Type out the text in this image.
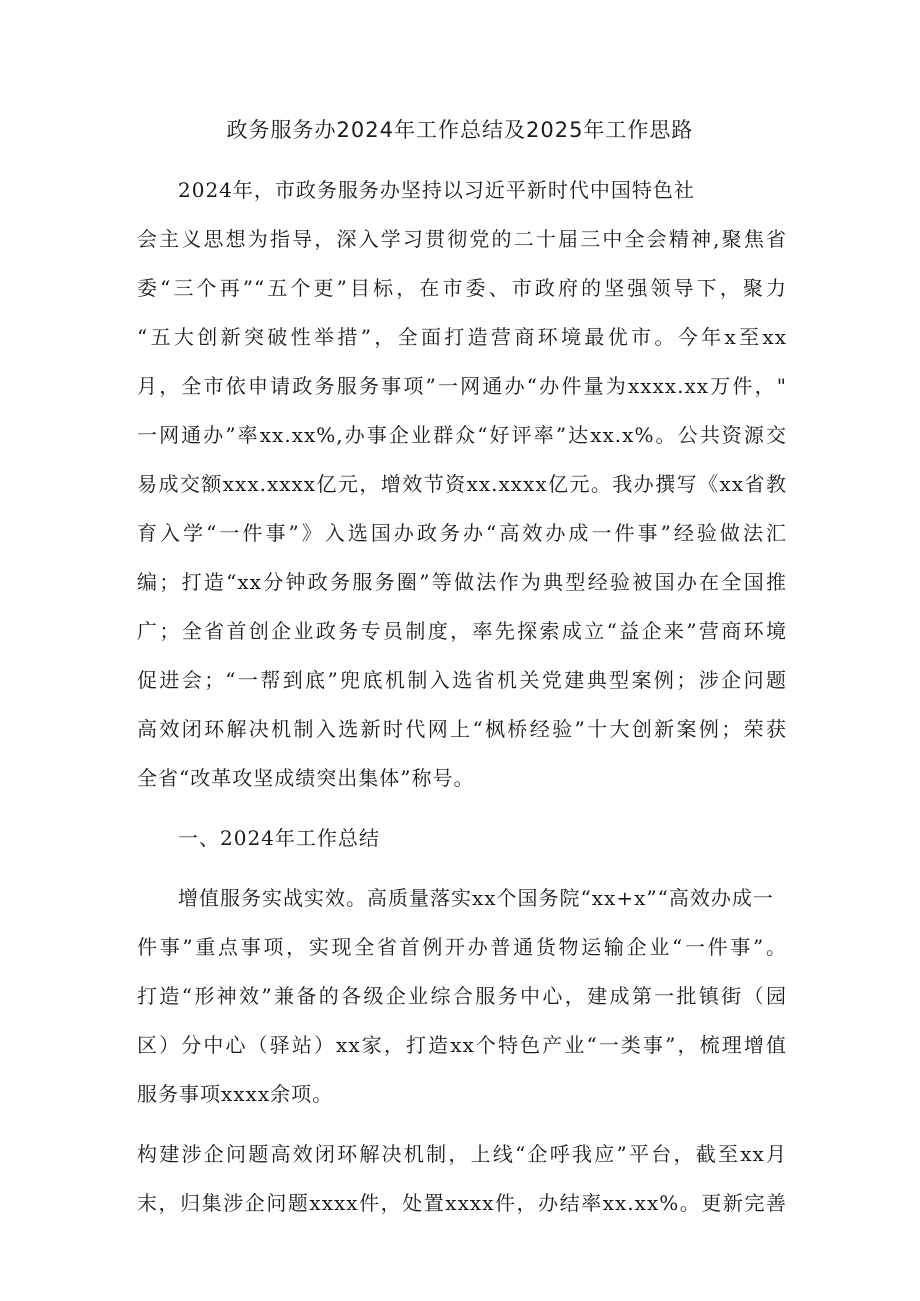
政务服务办2024年工作总结及2025年工作思路
2024年，市政务服务办坚持以习近平新时代中国特色社
会主义思想为指导，深入学习贯彻党的二十届三中全会精神,聚焦省
委“三个再”“五个更”目标，在市委、市政府的坚强领导下，聚力
“五大创新突破性举措”，全面打造营商环境最优市。今年x至xx
月，全市依申请政务服务事项”一网通办“办件量为xxxx.xx万件，"
一网通办”率xx.xx%,办事企业群众“好评率”达xx.x%。公共资源交
易成交额xxx.xxxx亿元，增效节资xx.xxxx亿元。我办撰写《xx省教
育入学“一件事”》入选国办政务办“高效办成一件事”经验做法汇
编；打造“xx分钟政务服务圈”等做法作为典型经验被国办在全国推
广；全省首创企业政务专员制度，率先探索成立“益企来”营商环境
促进会；“一帮到底”兜底机制入选省机关党建典型案例；涉企问题
高效闭环解决机制入选新时代网上“枫桥经验”十大创新案例；荣获
全省“改革攻坚成绩突出集体”称号。
一、2024年工作总结
增值服务实战实效。高质量落实xx个国务院“xx+x”“高效办成一
件事”重点事项，实现全省首例开办普通货物运输企业“一件事”。
打造“形神效”兼备的各级企业综合服务中心，建成第一批镇街（园
区）分中心（驿站）xx家，打造xx个特色产业“一类事”，梳理增值
服务事项xxxx余项。
构建涉企问题高效闭环解决机制，上线“企呼我应”平台，截至xx月
末，归集涉企问题xxxx件，处置xxxx件，办结率xx.xx%。更新完善
